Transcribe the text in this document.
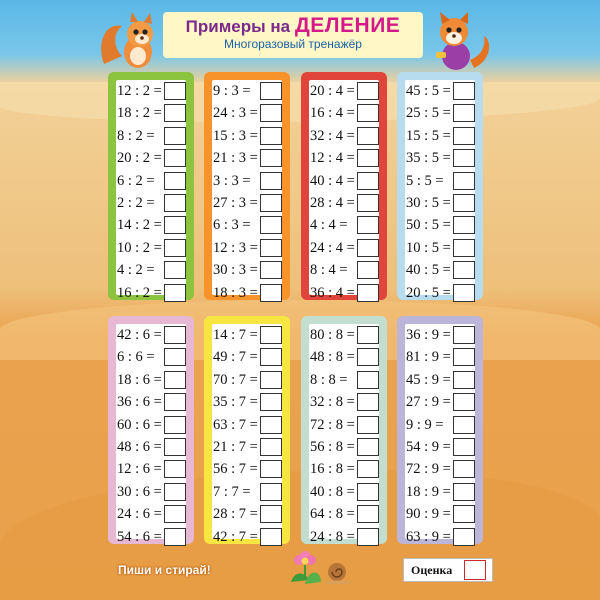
Примеры на ДЕЛЕНИЕ
Многоразовый тренажёр
12 : 2 =
18 : 2 =
8 : 2 =
20 : 2 =
6 : 2 =
2 : 2 =
14 : 2 =
10 : 2 =
4 : 2 =
16 : 2 =
9 : 3 =
24 : 3 =
15 : 3 =
21 : 3 =
3 : 3 =
27 : 3 =
6 : 3 =
12 : 3 =
30 : 3 =
18 : 3 =
20 : 4 =
16 : 4 =
32 : 4 =
12 : 4 =
40 : 4 =
28 : 4 =
4 : 4 =
24 : 4 =
8 : 4 =
36 : 4 =
45 : 5 =
25 : 5 =
15 : 5 =
35 : 5 =
5 : 5 =
30 : 5 =
50 : 5 =
10 : 5 =
40 : 5 =
20 : 5 =
42 : 6 =
6 : 6 =
18 : 6 =
36 : 6 =
60 : 6 =
48 : 6 =
12 : 6 =
30 : 6 =
24 : 6 =
54 : 6 =
14 : 7 =
49 : 7 =
70 : 7 =
35 : 7 =
63 : 7 =
21 : 7 =
56 : 7 =
7 : 7 =
28 : 7 =
42 : 7 =
80 : 8 =
48 : 8 =
8 : 8 =
32 : 8 =
72 : 8 =
56 : 8 =
16 : 8 =
40 : 8 =
64 : 8 =
24 : 8 =
36 : 9 =
81 : 9 =
45 : 9 =
27 : 9 =
9 : 9 =
54 : 9 =
72 : 9 =
18 : 9 =
90 : 9 =
63 : 9 =
Пиши и стирай!	Оценка
